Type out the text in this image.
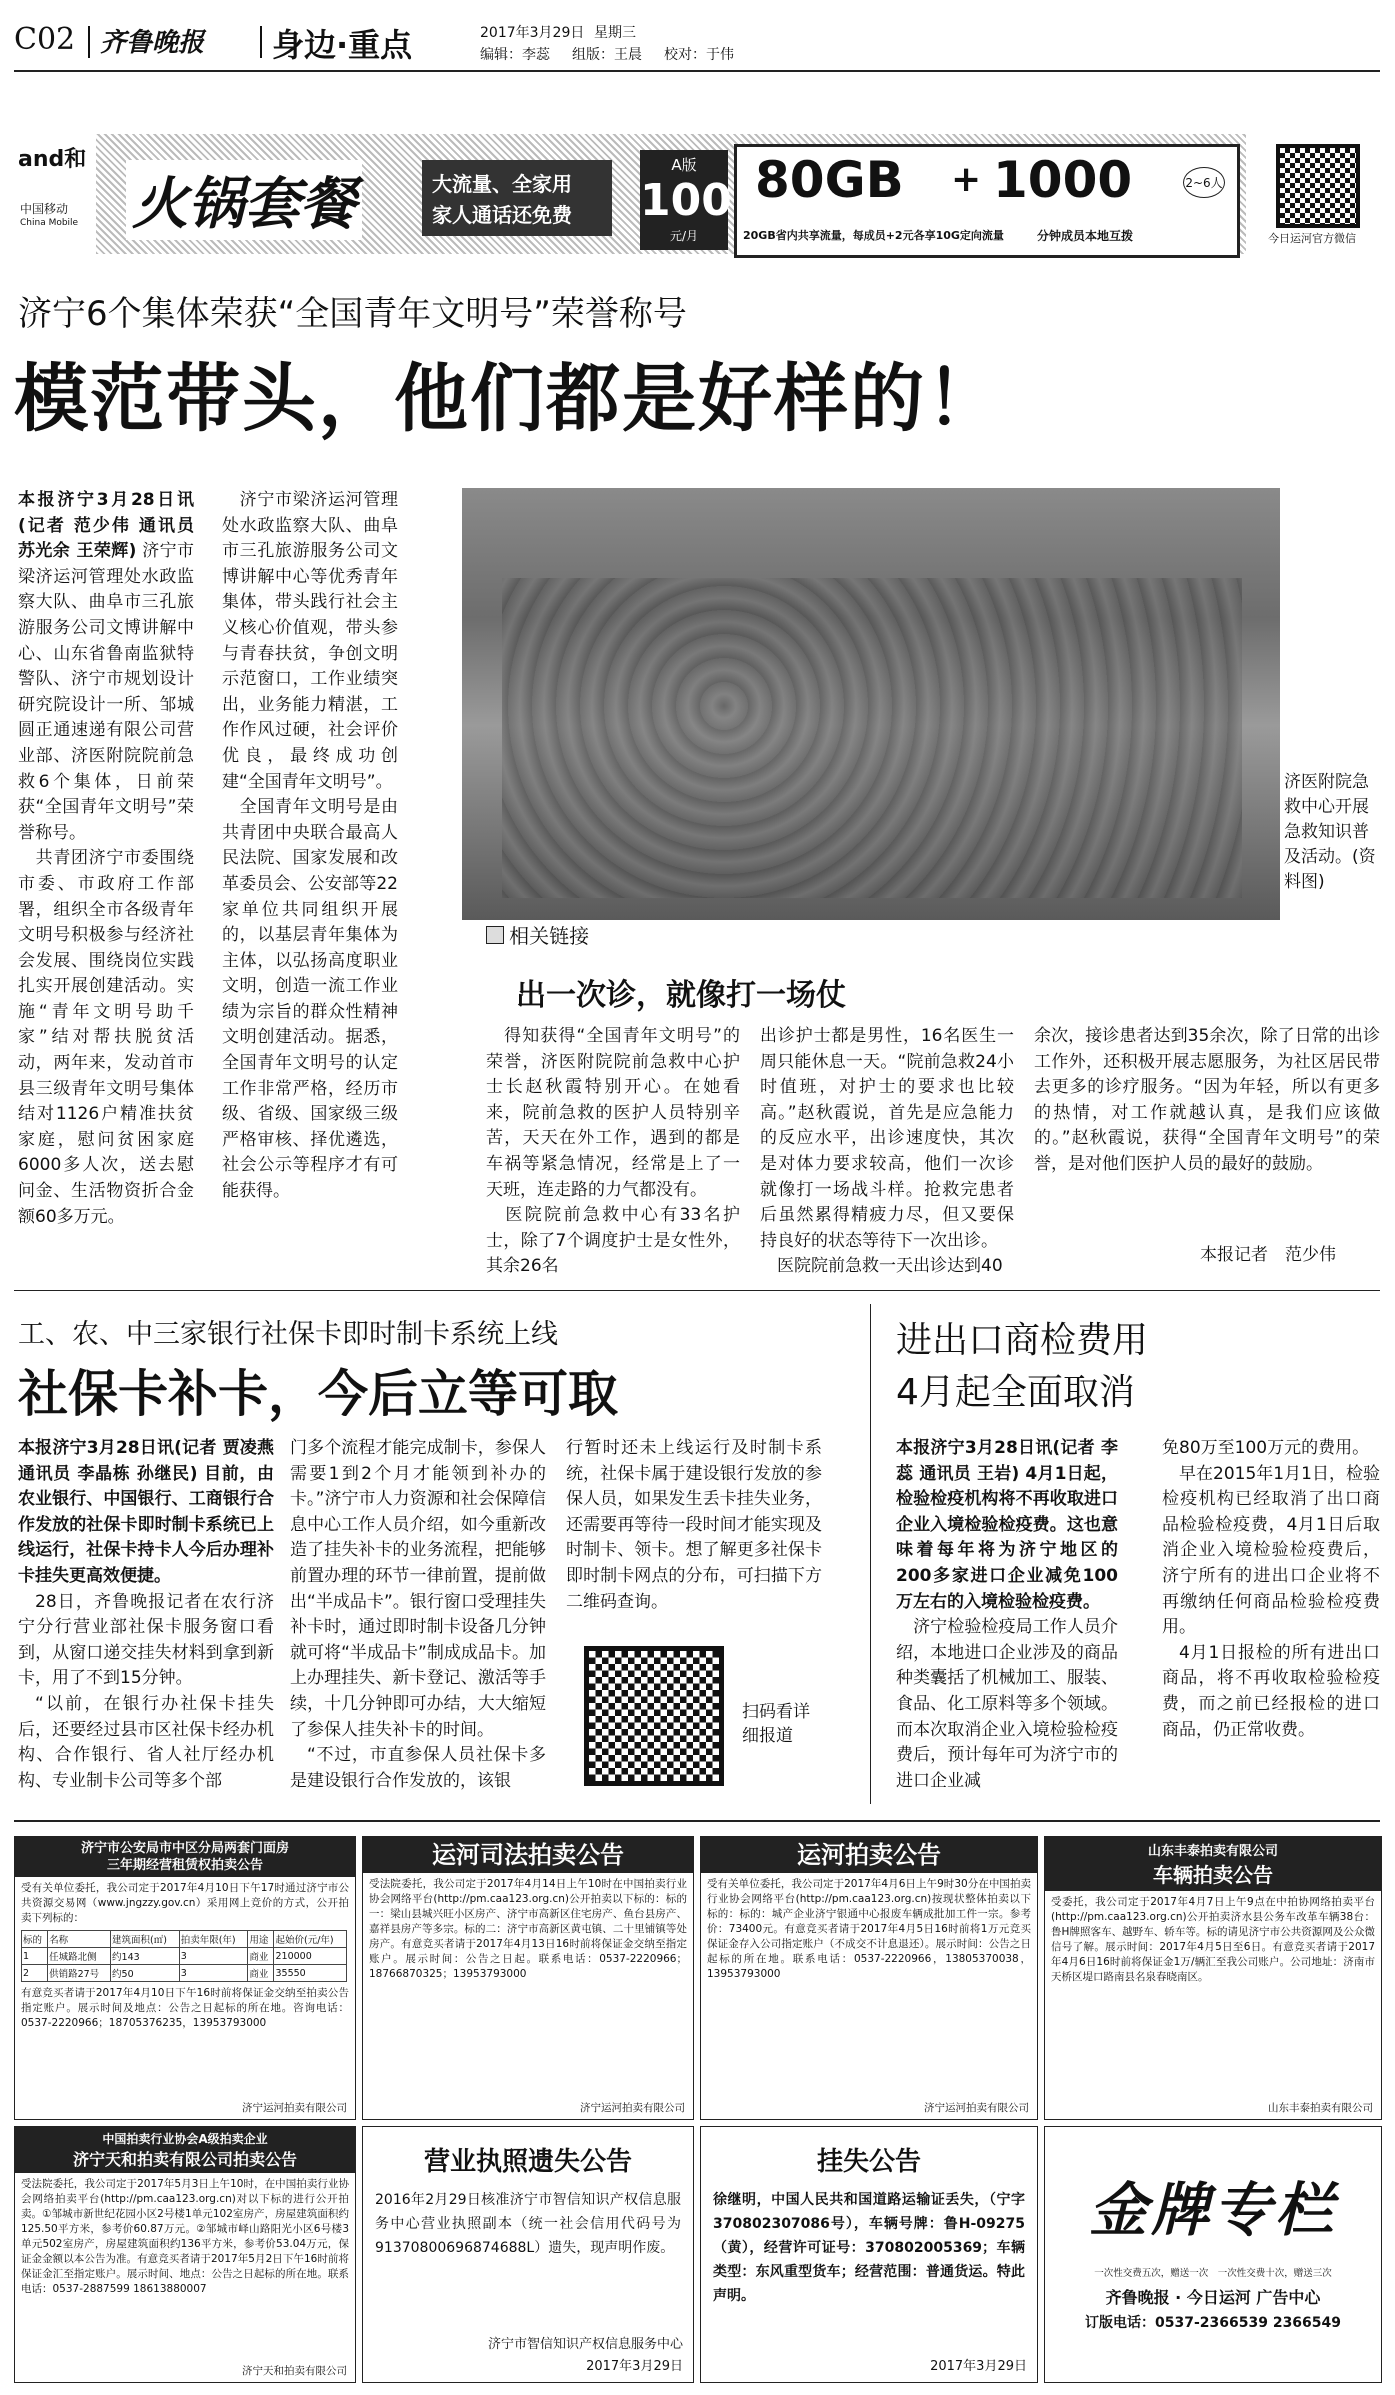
C02 齐鲁晚报 身边·重点	2017年3月29日 星期三
编辑：李蕊 组版：王晨 校对：于伟
and和
中国移动
China Mobile 火锅套餐	大流量、全家用
家人通话还免费
A版
100
元/月
80GB + 1000	2~6人
20GB省内共享流量，每成员+2元各享10G定向流量	分钟成员本地互拨	今日运河官方微信
济宁6个集体荣获“全国青年文明号”荣誉称号
模范带头，他们都是好样的！
本报济宁3月28日讯(记者 范少伟 通讯员 苏光余 王荣辉) 济宁市梁济运河管理处水政监察大队、曲阜市三孔旅游服务公司文博讲解中心、山东省鲁南监狱特警队、济宁市规划设计研究院设计一所、邹城圆正通速递有限公司营业部、济医附院院前急救6个集体，日前荣获“全国青年文明号”荣誉称号。
 共青团济宁市委围绕市委、市政府工作部署，组织全市各级青年文明号积极参与经济社会发展、围绕岗位实践扎实开展创建活动。实施“青年文明号助千家”结对帮扶脱贫活动，两年来，发动首市县三级青年文明号集体结对1126户精准扶贫家庭，慰问贫困家庭6000多人次，送去慰问金、生活物资折合金额60多万元。
 济宁市梁济运河管理处水政监察大队、曲阜市三孔旅游服务公司文博讲解中心等优秀青年集体，带头践行社会主义核心价值观，带头参与青春扶贫，争创文明示范窗口，工作业绩突出，业务能力精湛，工作作风过硬，社会评价优良，最终成功创建“全国青年文明号”。
 全国青年文明号是由共青团中央联合最高人民法院、国家发展和改革委员会、公安部等22家单位共同组织开展的，以基层青年集体为主体，以弘扬高度职业文明，创造一流工作业绩为宗旨的群众性精神文明创建活动。据悉，全国青年文明号的认定工作非常严格，经历市级、省级、国家级三级严格审核、择优遴选，社会公示等程序才有可能获得。
济医附院急救中心开展急救知识普及活动。(资料图)
相关链接
出一次诊，就像打一场仗
 得知获得“全国青年文明号”的荣誉，济医附院院前急救中心护士长赵秋霞特别开心。在她看来，院前急救的医护人员特别辛苦，天天在外工作，遇到的都是车祸等紧急情况，经常是上了一天班，连走路的力气都没有。
 医院院前急救中心有33名护士，除了7个调度护士是女性外，其余26名
出诊护士都是男性，16名医生一周只能休息一天。“院前急救24小时值班，对护士的要求也比较高。”赵秋霞说，首先是应急能力的反应水平，出诊速度快，其次是对体力要求较高，他们一次诊就像打一场战斗样。抢救完患者后虽然累得精疲力尽，但又要保持良好的状态等待下一次出诊。
 医院院前急救一天出诊达到40
余次，接诊患者达到35余次，除了日常的出诊工作外，还积极开展志愿服务，为社区居民带去更多的诊疗服务。“因为年轻，所以有更多的热情，对工作就越认真，是我们应该做的。”赵秋霞说，获得“全国青年文明号”的荣誉，是对他们医护人员的最好的鼓励。
本报记者　范少伟
工、农、中三家银行社保卡即时制卡系统上线
社保卡补卡，今后立等可取
本报济宁3月28日讯(记者 贾凌燕 通讯员 李晶栋 孙继民) 目前，由农业银行、中国银行、工商银行合作发放的社保卡即时制卡系统已上线运行，社保卡持卡人今后办理补卡挂失更高效便捷。
 28日，齐鲁晚报记者在农行济宁分行营业部社保卡服务窗口看到，从窗口递交挂失材料到拿到新卡，用了不到15分钟。
 “以前，在银行办社保卡挂失后，还要经过县市区社保卡经办机构、合作银行、省人社厅经办机构、专业制卡公司等多个部
门多个流程才能完成制卡，参保人需要1到2个月才能领到补办的卡。”济宁市人力资源和社会保障信息中心工作人员介绍，如今重新改造了挂失补卡的业务流程，把能够前置办理的环节一律前置，提前做出“半成品卡”。银行窗口受理挂失补卡时，通过即时制卡设备几分钟就可将“半成品卡”制成成品卡。加上办理挂失、新卡登记、激活等手续，十几分钟即可办结，大大缩短了参保人挂失补卡的时间。
 “不过，市直参保人员社保卡多是建设银行合作发放的，该银
行暂时还未上线运行及时制卡系统，社保卡属于建设银行发放的参保人员，如果发生丢卡挂失业务，还需要再等待一段时间才能实现及时制卡、领卡。想了解更多社保卡即时制卡网点的分布，可扫描下方二维码查询。
扫码看详细报道
进出口商检费用
4月起全面取消
本报济宁3月28日讯(记者 李蕊 通讯员 王岩) 4月1日起，检验检疫机构将不再收取进口企业入境检验检疫费。这也意味着每年将为济宁地区的200多家进口企业减免100万左右的入境检验检疫费。
 济宁检验检疫局工作人员介绍，本地进口企业涉及的商品种类囊括了机械加工、服装、食品、化工原料等多个领域。而本次取消企业入境检验检疫费后，预计每年可为济宁市的进口企业减
免80万至100万元的费用。
 早在2015年1月1日，检验检疫机构已经取消了出口商品检验检疫费，4月1日后取消企业入境检验检疫费后，济宁所有的进出口企业将不再缴纳任何商品检验检疫费用。
 4月1日报检的所有进出口商品，将不再收取检验检疫费，而之前已经报检的进口商品，仍正常收费。
济宁市公安局市中区分局两套门面房
三年期经营租赁权拍卖公告
受有关单位委托，我公司定于2017年4月10日下午17时通过济宁市公共资源交易网（www.jngzzy.gov.cn）采用网上竞价的方式，公开拍卖下列标的：
标的	名称	建筑面积(㎡)	拍卖年限(年)	用途	起始价(元/年)
1	任城路北侧	约143	3	商业	210000
2	供销路27号	约50	3	商业	35550
有意竞买者请于2017年4月10日下午16时前将保证金交纳至拍卖公告指定账户。展示时间及地点：公告之日起标的所在地。咨询电话：0537-2220966；18705376235，13953793000
济宁运河拍卖有限公司
运河司法拍卖公告
受法院委托，我公司定于2017年4月14日上午10时在中国拍卖行业协会网络平台(http://pm.caa123.org.cn)公开拍卖以下标的：标的一：梁山县城兴旺小区房产、济宁市高新区住宅房产、鱼台县房产、嘉祥县房产等多宗。标的二：济宁市高新区黄屯镇、二十里铺镇等处房产。有意竞买者请于2017年4月13日16时前将保证金交纳至指定账户。展示时间：公告之日起。联系电话：0537-2220966；18766870325；13953793000
济宁运河拍卖有限公司
运河拍卖公告
受有关单位委托，我公司定于2017年4月6日上午9时30分在中国拍卖行业协会网络平台(http://pm.caa123.org.cn)按现状整体拍卖以下标的：标的：城产企业济宁银通中心报废车辆成批加工件一宗。参考价：73400元。有意竞买者请于2017年4月5日16时前将1万元竞买保证金存入公司指定账户（不成交不计息退还）。展示时间：公告之日起标的所在地。联系电话：0537-2220966，13805370038，13953793000
济宁运河拍卖有限公司
山东丰泰拍卖有限公司
车辆拍卖公告
受委托，我公司定于2017年4月7日上午9点在中拍协网络拍卖平台(http://pm.caa123.org.cn)公开拍卖济水县公务车改革车辆38台：鲁H牌照客车、越野车、轿车等。标的请见济宁市公共资源网及公众微信号了解。展示时间：2017年4月5日至6日。有意竞买者请于2017年4月6日16时前将保证金1万/辆汇至我公司账户。公司地址：济南市天桥区堤口路南县名泉春晓南区。
山东丰泰拍卖有限公司
中国拍卖行业协会A级拍卖企业
济宁天和拍卖有限公司拍卖公告
受法院委托，我公司定于2017年5月3日上午10时，在中国拍卖行业协会网络拍卖平台(http://pm.caa123.org.cn)对以下标的进行公开拍卖。①邹城市新世纪花园小区2号楼1单元102室房产，房屋建筑面积约125.50平方米，参考价60.87万元。②邹城市峄山路阳光小区6号楼3单元502室房产，房屋建筑面积约136平方米，参考价53.04万元，保证金金额以本公告为准。有意竞买者请于2017年5月2日下午16时前将保证金汇至指定账户。展示时间、地点：公告之日起标的所在地。联系电话：0537-2887599 18613880007
济宁天和拍卖有限公司
营业执照遗失公告
2016年2月29日核准济宁市智信知识产权信息服务中心营业执照副本（统一社会信用代码号为91370800696874688L）遗失，现声明作废。
济宁市智信知识产权信息服务中心
2017年3月29日
挂失公告
徐继明，中国人民共和国道路运输证丢失，（宁字370802307086号），车辆号牌：鲁H-09275（黄），经营许可证号：370802005369；车辆类型：东风重型货车；经营范围：普通货运。特此声明。
2017年3月29日
金牌专栏
一次性交费五次，赠送一次　一次性交费十次，赠送三次
齐鲁晚报 · 今日运河 广告中心
订版电话：0537-2366539 2366549
